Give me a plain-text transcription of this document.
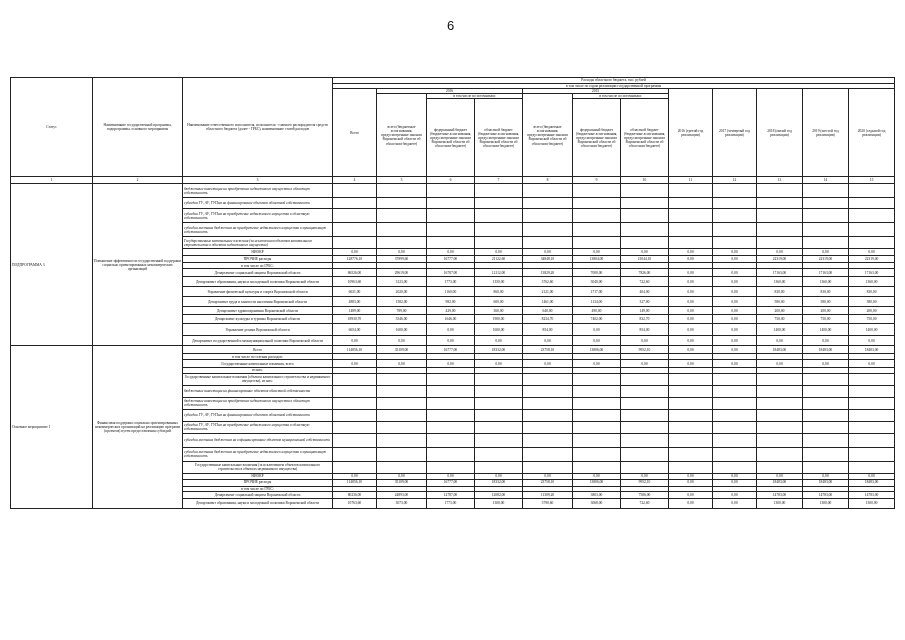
6
Статус	Наименование государственной программы, подпрограммы, основного мероприятия	Наименование ответственного исполнителя, исполнителя - главного распорядителя средств областного бюджета (далее - ГРБС), наименование статей расходов	Расходы областного бюджета, тыс. рублей											
			в том числе по годам реализации государственной программы											
			Всего	2016			2015			2016 (третий год реализации)	2017 (четвертый год реализации)	2018 (пятый год реализации)	2019 (шестой год реализации)	2020 (седьмой год реализации)
				всего (бюджетные ассигнования, предусмотренные законом Воронежской области об областном бюджете)	в том числе по источникам:		всего (бюджетные ассигнования, предусмотренные законом Воронежской области об областном бюджете)	в том числе по источникам:						
					федеральный бюджет (бюджетные ассигнования, предусмотренные законом Воронежской области об областном бюджете)	областной бюджет (бюджетные ассигнования, предусмотренные законом Воронежской области об областном бюджете)		федеральный бюджет (бюджетные ассигнования, предусмотренные законом Воронежской области об областном бюджете)	областной бюджет (бюджетные ассигнования, предусмотренные законом Воронежской области об областном бюджете)					
1	2	3	4	5	6	7	8	9	10	11	12	13	14	15
ПОДПРОГРАММА 3	Повышение эффективности государственной поддержки социально ориентированных некоммерческих организаций	бюджетные инвестиции на приобретение недвижимого имущества в областную собственность												
		субсидии ГУ, АУ, ГУПам на финансирование объектов областной собственности												
		субсидии ГУ, АУ, ГУПам на приобретение недвижимого имущества в областную собственность												
		субсидии местным бюджетам на приобретение недвижимого имущества в муниципальную собственность												
		Государственные капитальные вложения (за исключением объектов капитального строительства в объектах недвижимого имущества)												
		НИОКР	0,00	0,00	0,00	0,00	0,00	0,00	0,00	0,00	0,00	0,00	0,00	0,00
		ПРОЧИЕ расходы	128776,10	37899,60	16777,00	21122,60	34848,10	13804,00	21044,10	0,00	0,00	22319,00	22319,00	22319,00
		в том числе по ГРБС:												
		Департамент социальной защиты Воронежской области	86526,00	29619,00	16787,00	12112,00	13829,20	7000,00	7826,00	0,00	0,00	17163,00	17163,00	17163,00
		Департамент образования, науки и молодежной политики Воронежской области	10963,60	3123,00	1773,00	1350,00	3762,60	3040,00	722,60	0,00	0,00	1360,00	1360,00	1360,00
		Управление физической культуры и спорта Воронежской области	6631,00	2020,00	1160,00	860,00	2121,00	1717,00	404,00	0,00	0,00	830,00	830,00	830,00
		Департамент труда и занятости населения Воронежской области	4883,00	1582,00	982,00	600,00	1461,00	1134,00	327,00	0,00	0,00	580,00	580,00	580,00
		Департамент здравоохранения Воронежской области	1489,00	789,00	429,00	360,00	640,00	490,00	149,00	0,00	0,00	200,00	200,00	200,00
		Департамент культуры и туризма Воронежской области	18930,70	3546,00	1646,00	1900,00	8234,70	7402,00	832,70	0,00	0,00	750,00	750,00	750,00
		Управление делами Воронежской области	6654,00	1600,00	0,00	1600,00	854,00	0,00	854,00	0,00	0,00	1400,00	1400,00	1400,00
		Департамент государственной и межмуниципальной политики Воронежской области	0,00	0,00	0,00	0,00	0,00	0,00	0,00	0,00	0,00	0,00	0,00	0,00
Основное мероприятие 1	Финансовая поддержка социально ориентированных некоммерческих организаций на реализацию программ (проектов) путем предоставления субсидий	Всего	114856,10	35109,00	16777,00	18332,00	23758,10	13806,00	9952,10	0,00	0,00	18483,00	18483,00	18483,00
		в том числе по статьям расходов:												
		Государственные капитальные вложения, всего	0,00	0,00	0,00	0,00	0,00	0,00	0,00	0,00	0,00	0,00	0,00	0,00
		из них:												
		Государственные капитальные вложения (объекты капитального строительства и недвижимого имущества), из них:												
		бюджетные инвестиции на финансирование объектов областной собственности												
		бюджетные инвестиции на приобретение недвижимого имущества в областную собственность												
		субсидии ГУ, АУ, ГУПам на финансирование объектов областной собственности												
		субсидии ГУ, АУ, ГУПам на приобретение недвижимого имущества в областную собственность												
		субсидии местным бюджетам на софинансирование объектов муниципальной собственности												
		субсидии местным бюджетам на приобретение недвижимого имущества в муниципальную собственность												
		Государственные капитальные вложения (за исключением объектов капитального строительства в объектах недвижимого имущества)												
		НИОКР	0,00	0,00	0,00	0,00	0,00	0,00	0,00	0,00	0,00	0,00	0,00	0,00
		ПРОЧИЕ расходы	114856,10	35109,00	16777,00	18332,00	23758,10	13806,00	9952,10	0,00	0,00	18483,00	18483,00	18483,00
		в том числе по ГРБС:												
		Департамент социальной защиты Воронежской области	80236,00	24893,00	12787,00	12082,00	11309,20	3803,00	7506,00	0,00	0,00	14783,00	14783,00	14783,00
		Департамент образования, науки и молодежной политики Воронежской области	10763,60	3073,00	1773,00	1300,00	3790,60	3068,00	722,60	0,00	0,00	1300,00	1300,00	1300,00
